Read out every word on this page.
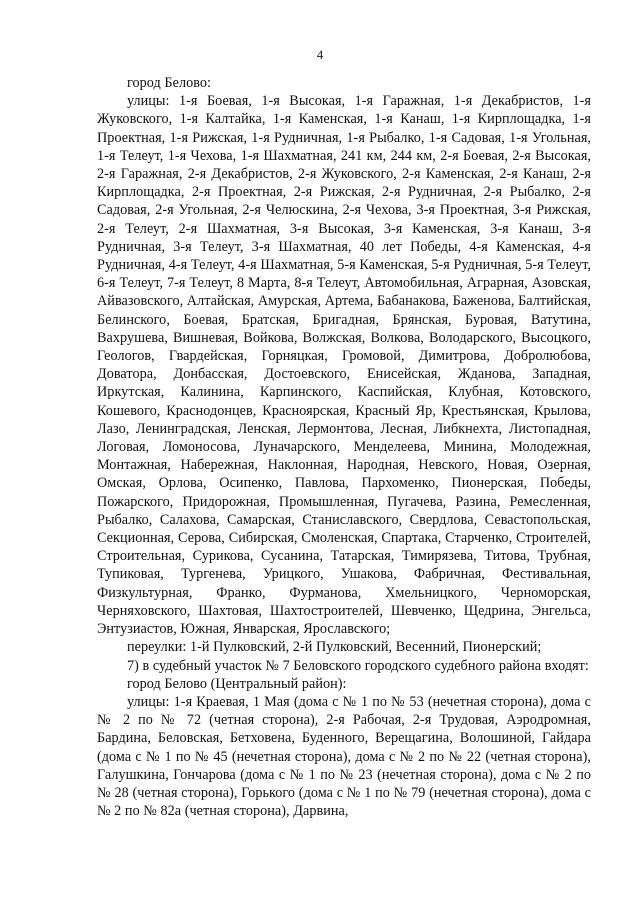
4

город Белово:

улицы: 1-я Боевая, 1-я Высокая, 1-я Гаражная, 1-я Декабристов, 1-я Жуковского, 1-я Калтайка, 1-я Каменская, 1-я Канаш, 1-я Кирплощадка, 1-я Проектная, 1-я Рижская, 1-я Рудничная, 1-я Рыбалко, 1-я Садовая, 1-я Угольная, 1-я Телеут, 1-я Чехова, 1-я Шахматная, 241 км, 244 км, 2-я Боевая, 2-я Высокая, 2-я Гаражная, 2-я Декабристов, 2-я Жуковского, 2-я Каменская, 2-я Канаш, 2-я Кирплощадка, 2-я Проектная, 2-я Рижская, 2-я Рудничная, 2-я Рыбалко, 2-я Садовая, 2-я Угольная, 2-я Челюскина, 2-я Чехова, 3-я Проектная, 3-я Рижская, 2-я Телеут, 2-я Шахматная, 3-я Высокая, 3-я Каменская, 3-я Канаш, 3-я Рудничная, 3-я Телеут, 3-я Шахматная, 40 лет Победы, 4-я Каменская, 4-я Рудничная, 4-я Телеут, 4-я Шахматная, 5-я Каменская, 5-я Рудничная, 5-я Телеут, 6-я Телеут, 7-я Телеут, 8 Марта, 8-я Телеут, Автомобильная, Аграрная, Азовская, Айвазовского, Алтайская, Амурская, Артема, Бабанакова, Баженова, Балтийская, Белинского, Боевая, Братская, Бригадная, Брянская, Буровая, Ватутина, Вахрушева, Вишневая, Войкова, Волжская, Волкова, Володарского, Высоцкого, Геологов, Гвардейская, Горняцкая, Громовой, Димитрова, Добролюбова, Доватора, Донбасская, Достоевского, Енисейская, Жданова, Западная, Иркутская, Калинина, Карпинского, Каспийская, Клубная, Котовского, Кошевого, Краснодонцев, Красноярская, Красный Яр, Крестьянская, Крылова, Лазо, Ленинградская, Ленская, Лермонтова, Лесная, Либкнехта, Листопадная, Логовая, Ломоносова, Луначарского, Менделеева, Минина, Молодежная, Монтажная, Набережная, Наклонная, Народная, Невского, Новая, Озерная, Омская, Орлова, Осипенко, Павлова, Пархоменко, Пионерская, Победы, Пожарского, Придорожная, Промышленная, Пугачева, Разина, Ремесленная, Рыбалко, Салахова, Самарская, Станиславского, Свердлова, Севастопольская, Секционная, Серова, Сибирская, Смоленская, Спартака, Старченко, Строителей, Строительная, Сурикова, Сусанина, Татарская, Тимирязева, Титова, Трубная, Тупиковая, Тургенева, Урицкого, Ушакова, Фабричная, Фестивальная, Физкультурная, Франко, Фурманова, Хмельницкого, Черноморская, Черняховского, Шахтовая, Шахтостроителей, Шевченко, Щедрина, Энгельса, Энтузиастов, Южная, Январская, Ярославского;

переулки: 1-й Пулковский, 2-й Пулковский, Весенний, Пионерский;

7) в судебный участок № 7 Беловского городского судебного района входят:

город Белово (Центральный район):

улицы: 1-я Краевая, 1 Мая (дома с № 1 по № 53 (нечетная сторона), дома с № 2 по № 72 (четная сторона), 2-я Рабочая, 2-я Трудовая, Аэродромная, Бардина, Беловская, Бетховена, Буденного, Верещагина, Волошиной, Гайдара (дома с № 1 по № 45 (нечетная сторона), дома с № 2 по № 22 (четная сторона), Галушкина, Гончарова (дома с № 1 по № 23 (нечетная сторона), дома с № 2 по № 28 (четная сторона), Горького (дома с № 1 по № 79 (нечетная сторона), дома с № 2 по № 82а (четная сторона), Дарвина,
